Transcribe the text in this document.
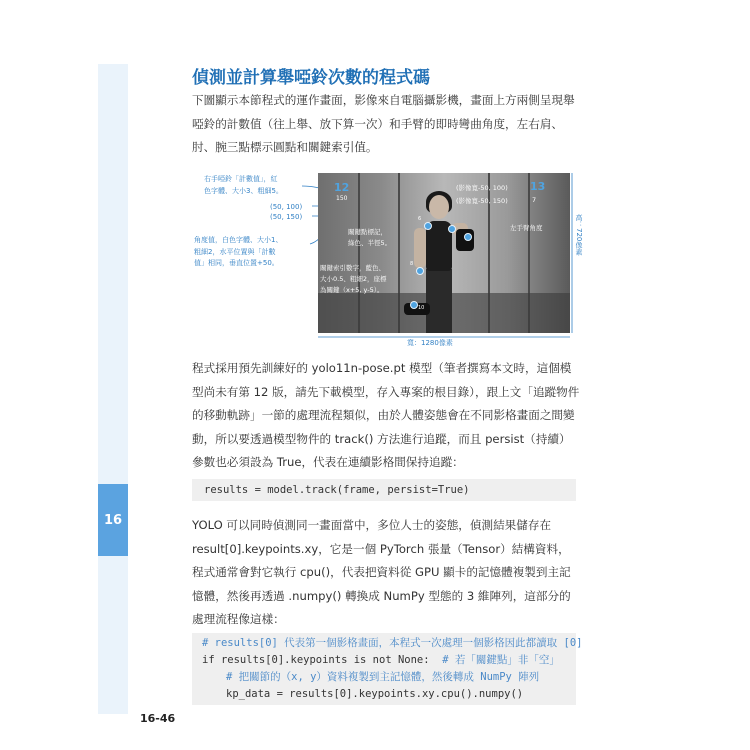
16
偵測並計算舉啞鈴次數的程式碼

下圖顯示本節程式的運作畫面，影像來自電腦攝影機，畫面上方兩側呈現舉啞鈴的計數值（往上舉、放下算一次）和手臂的即時彎曲角度，左右肩、肘、腕三點標示圓點和關鍵索引值。

右手啞鈴「計數值」，紅
色字體、大小3、粗細5。
(50, 100)
(50, 150)
角度值，白色字體、大小1、
粗細2，水平位置與「計數
值」相同，垂直位置+50。
6
8
10
12
150
(影像寬-50, 100)
(影像寬-50, 150)
13
7
關鍵點標記，
綠色、半徑5。
關鍵索引數字，藍色、
大小0.5、粗細2，座標
為關鍵（x+5, y-5）。
左手臂角度	高：720像素
寬：1280像素

程式採用預先訓練好的 yolo11n-pose.pt 模型（筆者撰寫本文時，這個模型尚未有第 12 版，請先下載模型，存入專案的根目錄），跟上文「追蹤物件的移動軌跡」一節的處理流程類似，由於人體姿態會在不同影格畫面之間變動，所以要透過模型物件的 track() 方法進行追蹤，而且 persist（持續）參數也必須設為 True，代表在連續影格間保持追蹤：

results = model.track(frame, persist=True)

YOLO 可以同時偵測同一畫面當中，多位人士的姿態，偵測結果儲存在 result[0].keypoints.xy，它是一個 PyTorch 張量（Tensor）結構資料，程式通常會對它執行 cpu()，代表把資料從 GPU 顯卡的記憶體複製到主記憶體，然後再透過 .numpy() 轉換成 NumPy 型態的 3 維陣列，這部分的處理流程像這樣：

# results[0] 代表第一個影格畫面，本程式一次處理一個影格因此都讀取 [0]
if results[0].keypoints is not None:  # 若「關鍵點」非「空」
# 把關節的（x, y）資料複製到主記憶體，然後轉成 NumPy 陣列
kp_data = results[0].keypoints.xy.cpu().numpy()
16-46
